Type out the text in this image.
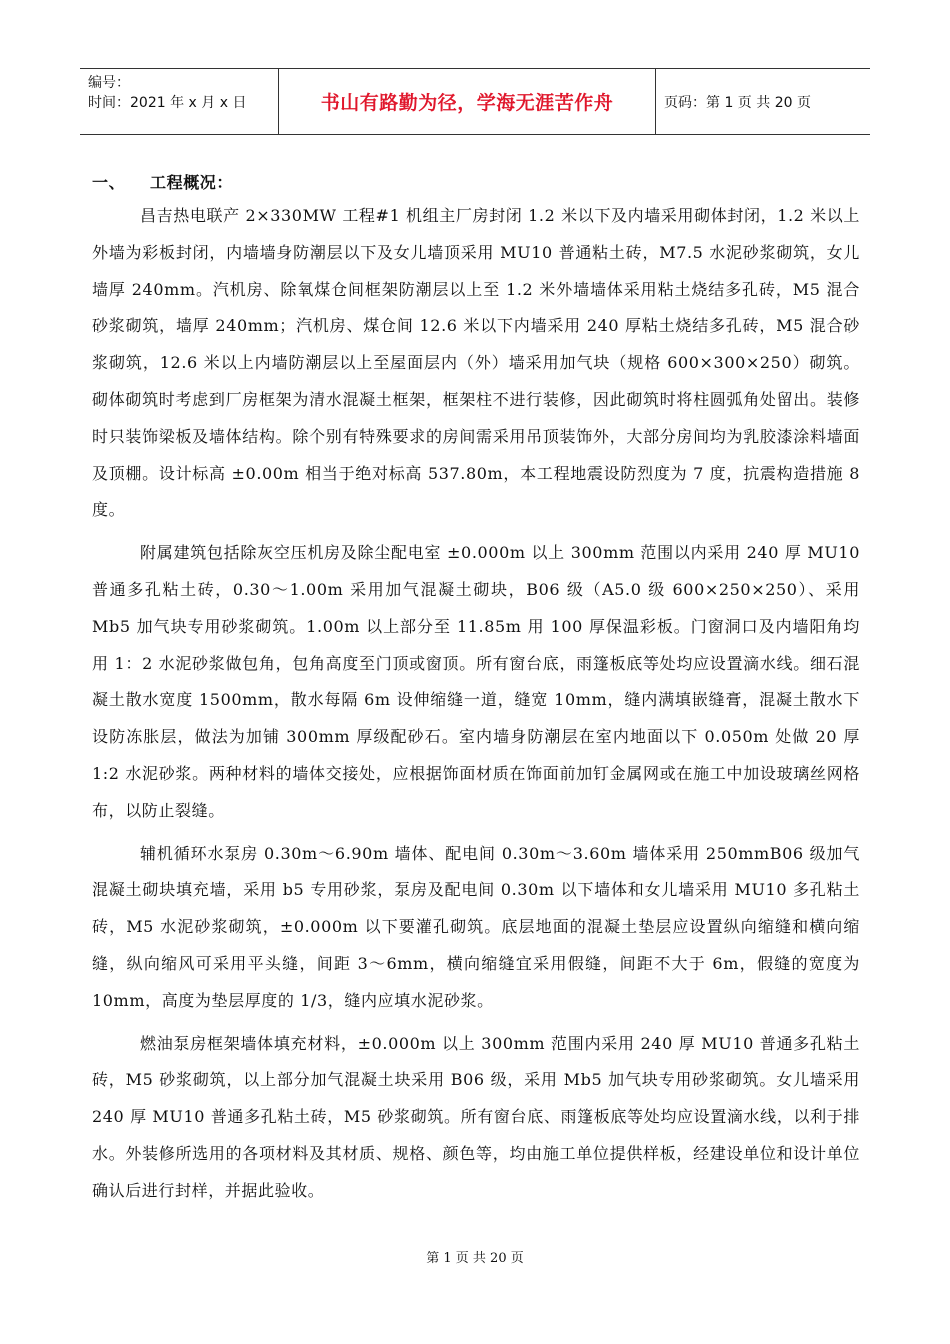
编号：
时间：2021 年 x 月 x 日	书山有路勤为径，学海无涯苦作舟	页码：第 1 页 共 20 页
一、 工程概况：

昌吉热电联产 2×330MW 工程#1 机组主厂房封闭 1.2 米以下及内墙采用砌体封闭，1.2 米以上外墙为彩板封闭，内墙墙身防潮层以下及女儿墙顶采用 MU10 普通粘土砖，M7.5 水泥砂浆砌筑，女儿墙厚 240mm。汽机房、除氧煤仓间框架防潮层以上至 1.2 米外墙墙体采用粘土烧结多孔砖，M5 混合砂浆砌筑，墙厚 240mm；汽机房、煤仓间 12.6 米以下内墙采用 240 厚粘土烧结多孔砖，M5 混合砂浆砌筑，12.6 米以上内墙防潮层以上至屋面层内（外）墙采用加气块（规格 600×300×250）砌筑。砌体砌筑时考虑到厂房框架为清水混凝土框架，框架柱不进行装修，因此砌筑时将柱圆弧角处留出。装修时只装饰梁板及墙体结构。除个别有特殊要求的房间需采用吊顶装饰外，大部分房间均为乳胶漆涂料墙面及顶棚。设计标高 ±0.00m 相当于绝对标高 537.80m，本工程地震设防烈度为 7 度，抗震构造措施 8 度。

附属建筑包括除灰空压机房及除尘配电室 ±0.000m 以上 300mm 范围以内采用 240 厚 MU10 普通多孔粘土砖，0.30～1.00m 采用加气混凝土砌块，B06 级（A5.0 级 600×250×250）、采用 Mb5 加气块专用砂浆砌筑。1.00m 以上部分至 11.85m 用 100 厚保温彩板。门窗洞口及内墙阳角均用 1：2 水泥砂浆做包角，包角高度至门顶或窗顶。所有窗台底，雨篷板底等处均应设置滴水线。细石混凝土散水宽度 1500mm，散水每隔 6m 设伸缩缝一道，缝宽 10mm，缝内满填嵌缝膏，混凝土散水下设防冻胀层，做法为加铺 300mm 厚级配砂石。室内墙身防潮层在室内地面以下 0.050m 处做 20 厚 1:2 水泥砂浆。两种材料的墙体交接处，应根据饰面材质在饰面前加钉金属网或在施工中加设玻璃丝网格布，以防止裂缝。

辅机循环水泵房 0.30m～6.90m 墙体、配电间 0.30m～3.60m 墙体采用 250mmB06 级加气混凝土砌块填充墙，采用 b5 专用砂浆，泵房及配电间 0.30m 以下墙体和女儿墙采用 MU10 多孔粘土砖，M5 水泥砂浆砌筑，±0.000m 以下要灌孔砌筑。底层地面的混凝土垫层应设置纵向缩缝和横向缩缝，纵向缩风可采用平头缝，间距 3～6mm，横向缩缝宜采用假缝，间距不大于 6m，假缝的宽度为 10mm，高度为垫层厚度的 1/3，缝内应填水泥砂浆。

燃油泵房框架墙体填充材料，±0.000m 以上 300mm 范围内采用 240 厚 MU10 普通多孔粘土砖，M5 砂浆砌筑，以上部分加气混凝土块采用 B06 级，采用 Mb5 加气块专用砂浆砌筑。女儿墙采用 240 厚 MU10 普通多孔粘土砖，M5 砂浆砌筑。所有窗台底、雨篷板底等处均应设置滴水线，以利于排水。外装修所选用的各项材料及其材质、规格、颜色等，均由施工单位提供样板，经建设单位和设计单位确认后进行封样，并据此验收。

第 1 页 共 20 页
